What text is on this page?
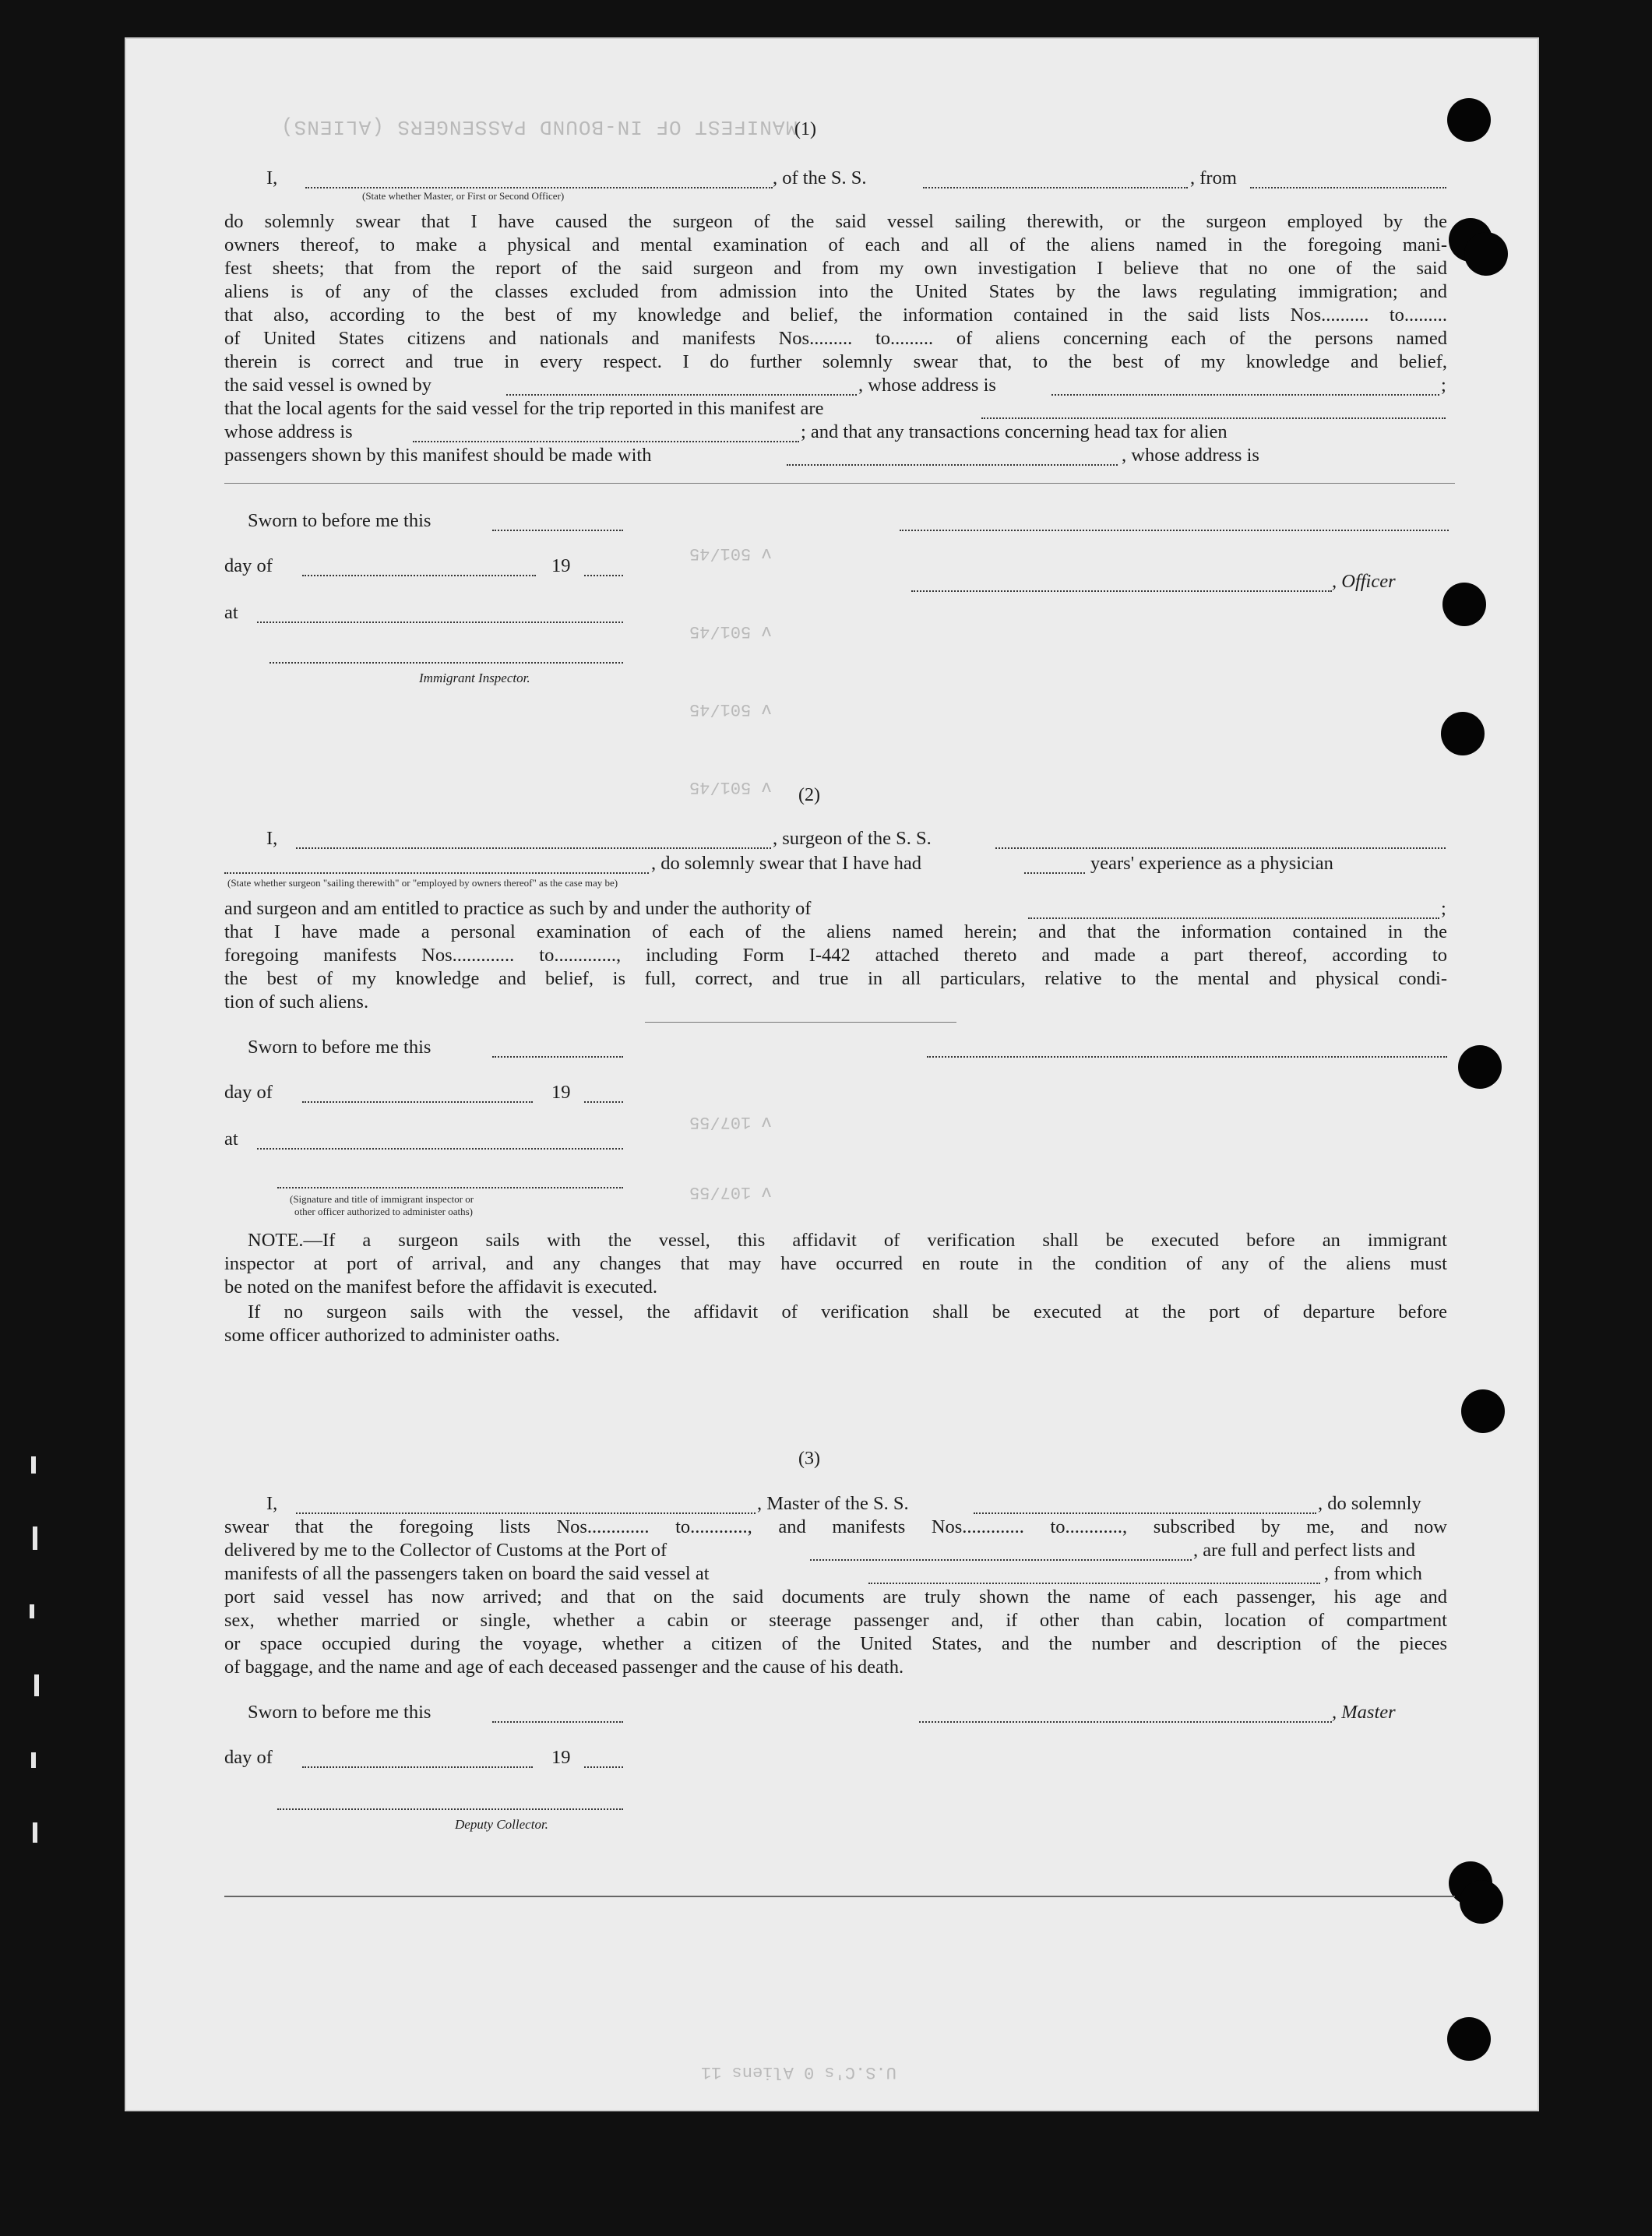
MANIFEST OF IN-BOUND PASSENGERS (ALIENS)
U.S.C's 0 Aliens 11
v 501/45
v 501/45
v 501/45
v 501/45
v 107/55
v 107/55
(1)
I,	, of the S. S.	, from
(State whether Master, or First or Second Officer)
do solemnly swear that I have caused the surgeon of the said vessel sailing therewith, or the surgeon employed by the
owners thereof, to make a physical and mental examination of each and all of the aliens named in the foregoing mani-
fest sheets; that from the report of the said surgeon and from my own investigation I believe that no one of the said
aliens is of any of the classes excluded from admission into the United States by the laws regulating immigration; and
that also, according to the best of my knowledge and belief, the information contained in the said lists Nos.......... to.........
of United States citizens and nationals and manifests Nos......... to......... of aliens concerning each of the persons named
therein is correct and true in every respect. I do further solemnly swear that, to the best of my knowledge and belief,
the said vessel is owned by	, whose address is	;
that the local agents for the said vessel for the trip reported in this manifest are
whose address is	; and that any transactions concerning head tax for alien
passengers shown by this manifest should be made with	, whose address is
Sworn to before me this
day of	19
, Officer
at
Immigrant Inspector.
(2)
I,	, surgeon of the S. S.
, do solemnly swear that I have had	years' experience as a physician
(State whether surgeon "sailing therewith" or "employed by owners thereof" as the case may be)
and surgeon and am entitled to practice as such by and under the authority of	;
that I have made a personal examination of each of the aliens named herein; and that the information contained in the
foregoing manifests Nos............. to............., including Form I-442 attached thereto and made a part thereof, according to
the best of my knowledge and belief, is full, correct, and true in all particulars, relative to the mental and physical condi-
tion of such aliens.
Sworn to before me this
day of	19
at
(Signature and title of immigrant inspector or
other officer authorized to administer oaths)
NOTE.—If a surgeon sails with the vessel, this affidavit of verification shall be executed before an immigrant
inspector at port of arrival, and any changes that may have occurred en route in the condition of any of the aliens must
be noted on the manifest before the affidavit is executed.
If no surgeon sails with the vessel, the affidavit of verification shall be executed at the port of departure before
some officer authorized to administer oaths.
(3)
I,	, Master of the S. S.	, do solemnly
swear that the foregoing lists Nos............. to............, and manifests Nos............. to............, subscribed by me, and now
delivered by me to the Collector of Customs at the Port of	, are full and perfect lists and
manifests of all the passengers taken on board the said vessel at	, from which
port said vessel has now arrived; and that on the said documents are truly shown the name of each passenger, his age and
sex, whether married or single, whether a cabin or steerage passenger and, if other than cabin, location of compartment
or space occupied during the voyage, whether a citizen of the United States, and the number and description of the pieces
of baggage, and the name and age of each deceased passenger and the cause of his death.
Sworn to before me this	, Master
day of	19
Deputy Collector.
